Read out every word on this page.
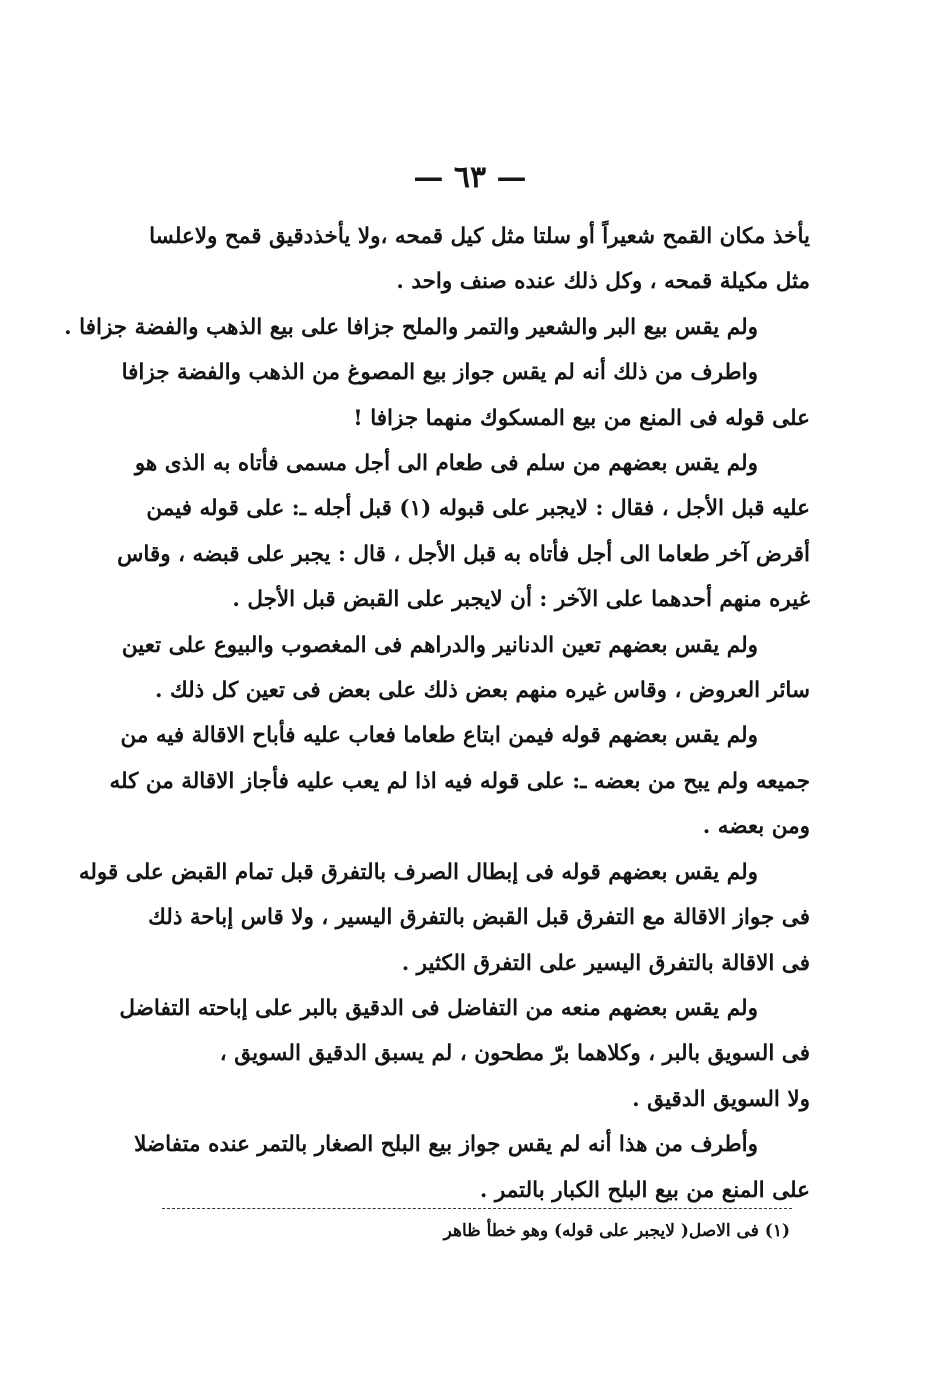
— ٦٣ —
يأخذ مكان القمح شعيراً أو سلتا مثل كيل قمحه ،ولا يأخذدقيق قمح ولاعلسا
مثل مكيلة قمحه ، وكل ذلك عنده صنف واحد .
ولم يقس بيع البر والشعير والتمر والملح جزافا على بيع الذهب والفضة جزافا .
واطرف من ذلك أنه لم يقس جواز بيع المصوغ من الذهب والفضة جزافا
على قوله فى المنع من بيع المسكوك منهما جزافا !
ولم يقس بعضهم من سلم فى طعام الى أجل مسمى فأتاه به الذى هو
عليه قبل الأجل ، فقال : لايجبر على قبوله (١) قبل أجله ـ: على قوله فيمن
أقرض آخر طعاما الى أجل فأتاه به قبل الأجل ، قال : يجبر على قبضه ، وقاس
غيره منهم أحدهما على الآخر : أن لايجبر على القبض قبل الأجل .
ولم يقس بعضهم تعين الدنانير والدراهم فى المغصوب والبيوع على تعين
سائر العروض ، وقاس غيره منهم بعض ذلك على بعض فى تعين كل ذلك .
ولم يقس بعضهم قوله فيمن ابتاع طعاما فعاب عليه فأباح الاقالة فيه من
جميعه ولم يبح من بعضه ـ: على قوله فيه اذا لم يعب عليه فأجاز الاقالة من كله
ومن بعضه .
ولم يقس بعضهم قوله فى إبطال الصرف بالتفرق قبل تمام القبض على قوله
فى جواز الاقالة مع التفرق قبل القبض بالتفرق اليسير ، ولا قاس إباحة ذلك
فى الاقالة بالتفرق اليسير على التفرق الكثير .
ولم يقس بعضهم منعه من التفاضل فى الدقيق بالبر على إباحته التفاضل
فى السويق بالبر ، وكلاهما برّ مطحون ، لم يسبق الدقيق السويق ،
ولا السويق الدقيق .
وأطرف من هذا أنه لم يقس جواز بيع البلح الصغار بالتمر عنده متفاضلا
على المنع من بيع البلح الكبار بالتمر .
(١) فى الاصل( لايجبر على قوله) وهو خطأ ظاهر
